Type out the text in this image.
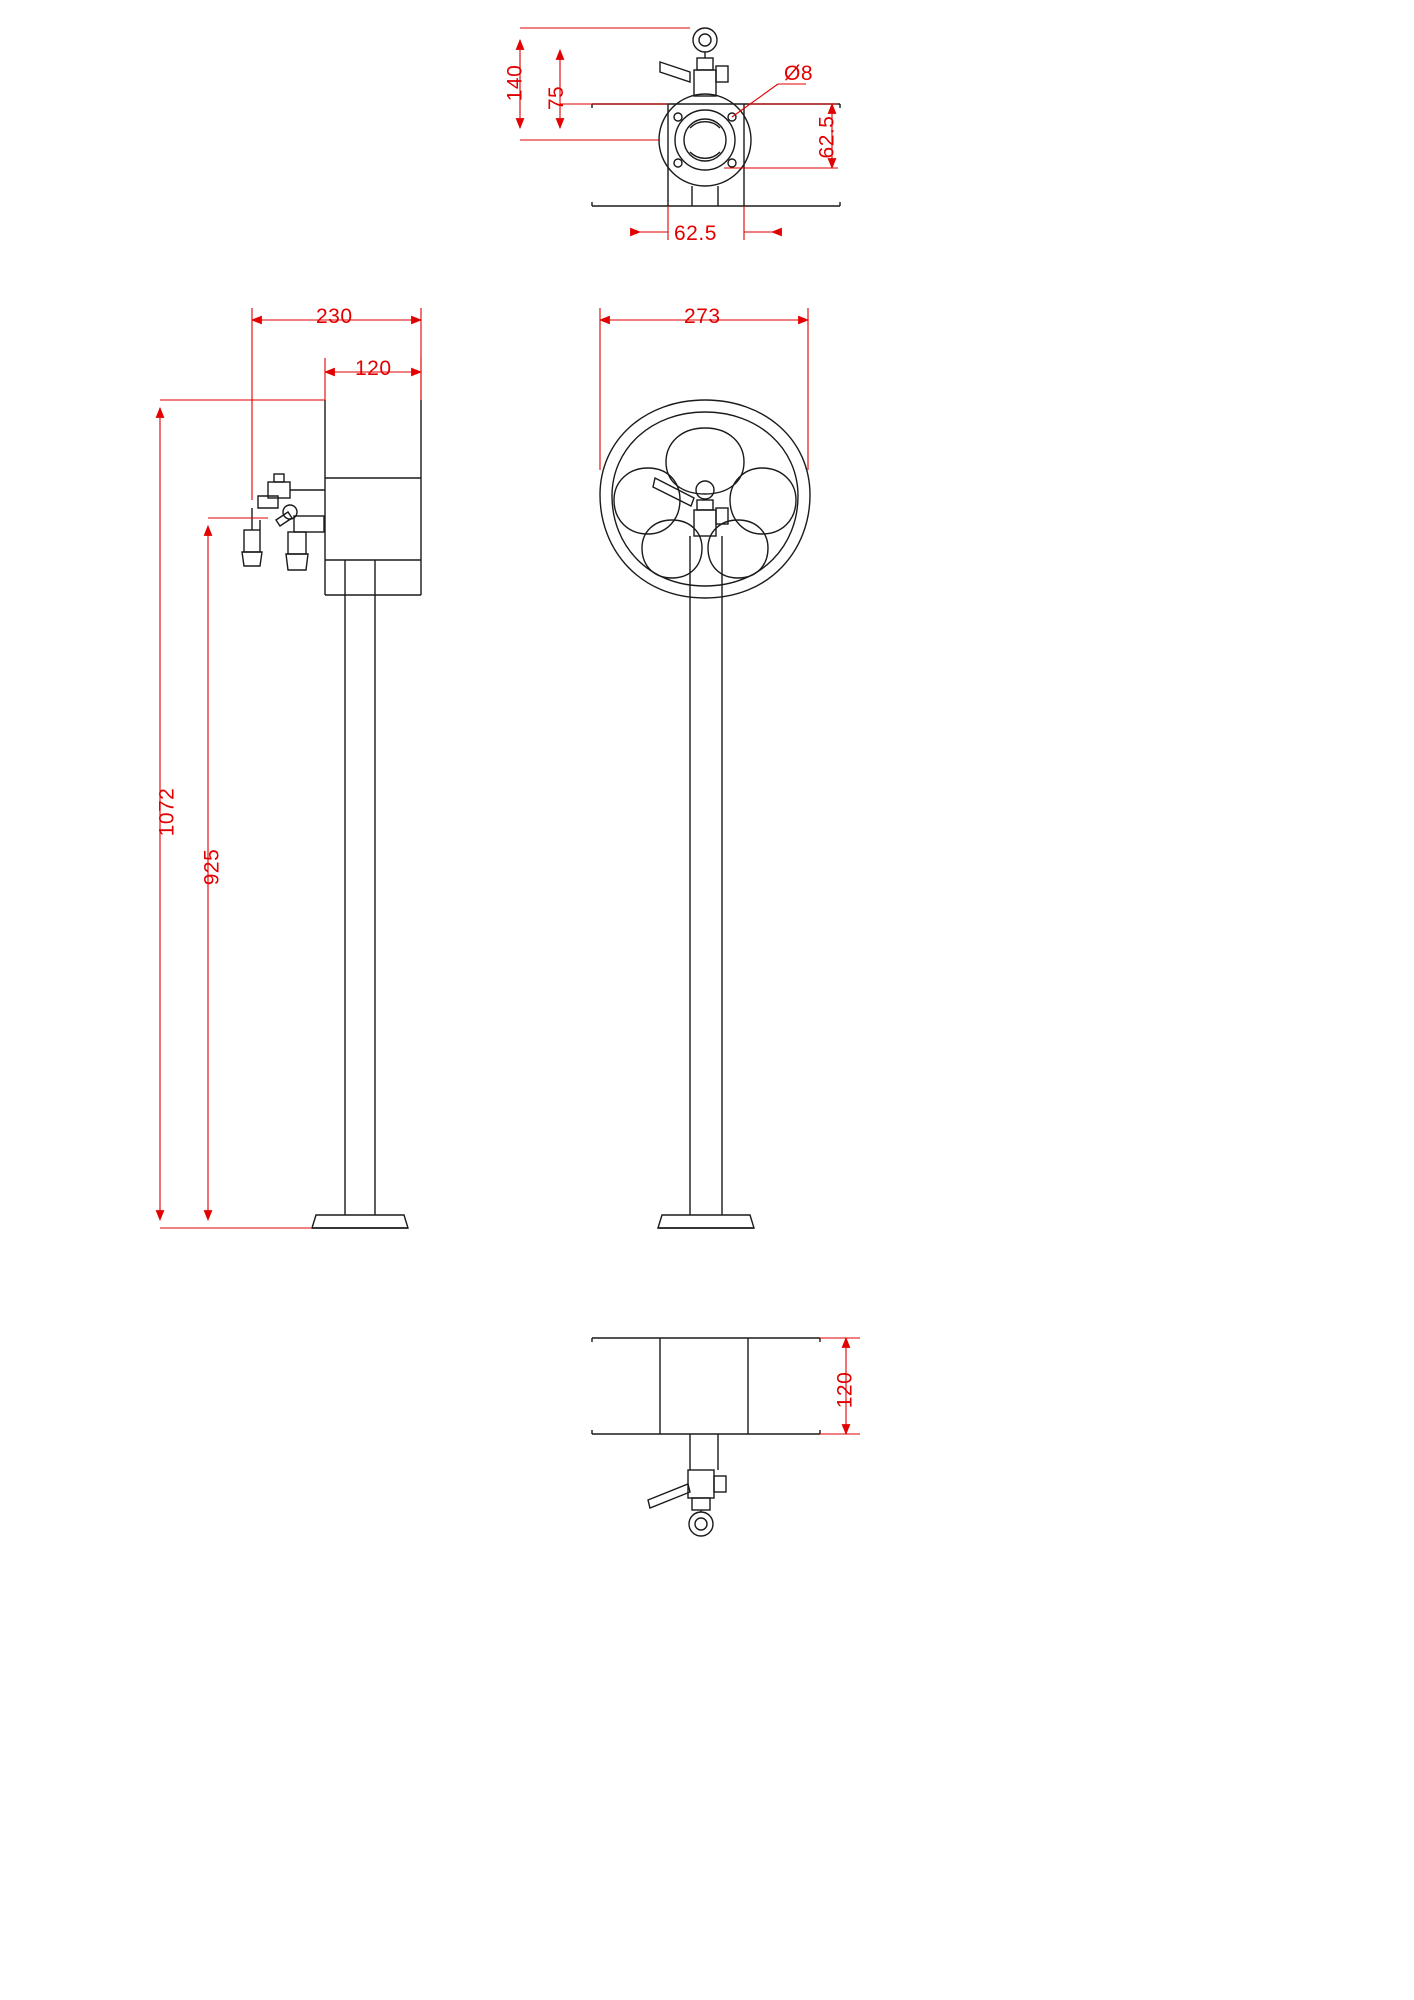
140 75
Ø8
62.5
62.5
230
120
1072
925
273
120
